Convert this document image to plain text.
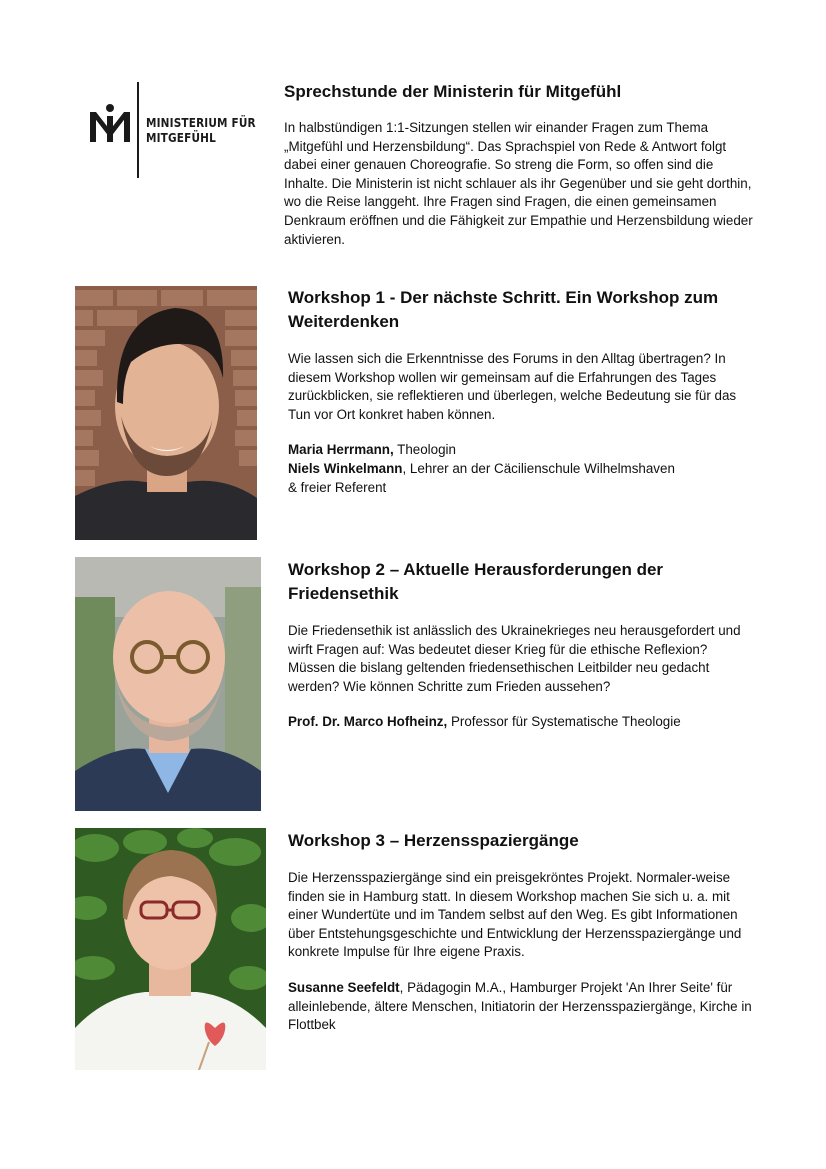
MINISTERIUM FÜR
MITGEFÜHL
Sprechstunde der Ministerin für Mitgefühl

In halbstündigen 1:1-Sitzungen stellen wir einander Fragen zum Thema „Mitgefühl und Herzensbildung“. Das Sprachspiel von Rede & Antwort folgt dabei einer genauen Choreografie. So streng die Form, so offen sind die Inhalte. Die Ministerin ist nicht schlauer als ihr Gegenüber und sie geht dorthin, wo die Reise langgeht. Ihre Fragen sind Fragen, die einen gemeinsamen Denkraum eröffnen und die Fähigkeit zur Empathie und Herzensbildung wieder aktivieren.

Workshop 1 - Der nächste Schritt. Ein Workshop zum Weiterdenken

Wie lassen sich die Erkenntnisse des Forums in den Alltag übertragen? In diesem Workshop wollen wir gemeinsam auf die Erfahrungen des Tages zurückblicken, sie reflektieren und überlegen, welche Bedeutung sie für das Tun vor Ort konkret haben können.

Maria Herrmann, Theologin
Niels Winkelmann, Lehrer an der Cäcilienschule Wilhelmshaven
& freier Referent
Workshop 2 – Aktuelle Herausforderungen der Friedensethik

Die Friedensethik ist anlässlich des Ukrainekrieges neu herausgefordert und wirft Fragen auf: Was bedeutet dieser Krieg für die ethische Reflexion? Müssen die bislang geltenden friedensethischen Leitbilder neu gedacht werden? Wie können Schritte zum Frieden aussehen?

Prof. Dr. Marco Hofheinz, Professor für Systematische Theologie
Workshop 3 – Herzensspaziergänge

Die Herzensspaziergänge sind ein preisgekröntes Projekt. Normaler-weise finden sie in Hamburg statt. In diesem Workshop machen Sie sich u. a. mit einer Wundertüte und im Tandem selbst auf den Weg. Es gibt Informationen über Entstehungsgeschichte und Entwicklung der Herzensspaziergänge und konkrete Impulse für Ihre eigene Praxis.

Susanne Seefeldt, Pädagogin M.A., Hamburger Projekt 'An Ihrer Seite' für alleinlebende, ältere Menschen, Initiatorin der Herzensspaziergänge, Kirche in Flottbek
